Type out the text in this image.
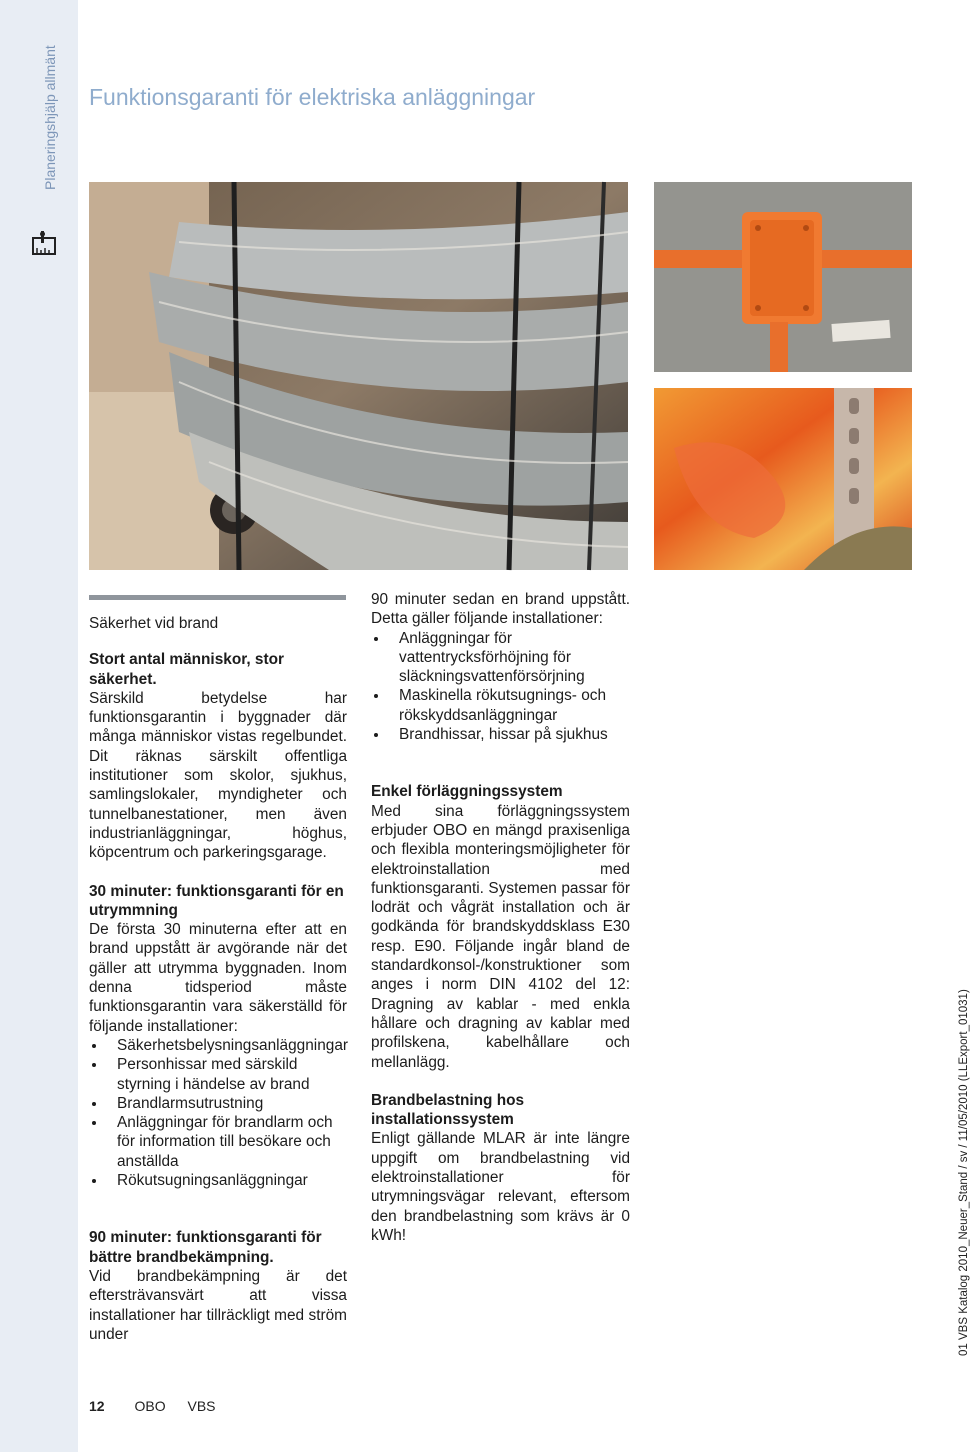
Planeringshjälp allmänt Funktionsgaranti för elektriska anläggningar

Säkerhet vid brand

Stort antal människor, stor säkerhet.

Särskild betydelse har funktionsgarantin i byggnader där många människor vistas regelbundet. Dit räknas särskilt offentliga institutioner som skolor, sjukhus, samlingslokaler, myndigheter och tunnelbanestationer, men även industrianläggningar, höghus, köpcentrum och parkeringsgarage.

30 minuter: funktionsgaranti för en utrymmning

De första 30 minuterna efter att en brand uppstått är avgörande när det gäller att utrymma byggnaden. Inom denna tidsperiod måste funktionsgarantin vara säkerställd för följande installationer:

Säkerhetsbelysningsanläggningar
Personhissar med särskild styrning i händelse av brand
Brandlarmsutrustning
Anläggningar för brandlarm och för information till besökare och anställda
Rökutsugningsanläggningar
90 minuter: funktionsgaranti för bättre brandbekämpning.

Vid brandbekämpning är det eftersträvansvärt att vissa installationer har tillräckligt med ström under

90 minuter sedan en brand uppstått. Detta gäller följande installationer:

Anläggningar för vattentrycksförhöjning för släckningsvattenförsörjning
Maskinella rökutsugnings- och rökskyddsanläggningar
Brandhissar, hissar på sjukhus
Enkel förläggningssystem

Med sina förläggningssystem erbjuder OBO en mängd praxisenliga och flexibla monteringsmöjligheter för elektroinstallation med funktionsgaranti. Systemen passar för lodrät och vågrät installation och är godkända för brandskyddsklass E30 resp. E90. Följande ingår bland de standardkonsol-/konstruktioner som anges i norm DIN 4102 del 12: Dragning av kablar - med enkla hållare och dragning av kablar med profilskena, kabelhållare och mellanlägg.

Brandbelastning hos installationssystem

Enligt gällande MLAR är inte längre uppgift om brandbelastning vid elektroinstallationer för utrymningsvägar relevant, eftersom den brandbelastning som krävs är 0 kWh!

12 OBO VBS
01 VBS Katalog 2010_Neuer_Stand / sv / 11/05/2010 (LLExport_01031)
